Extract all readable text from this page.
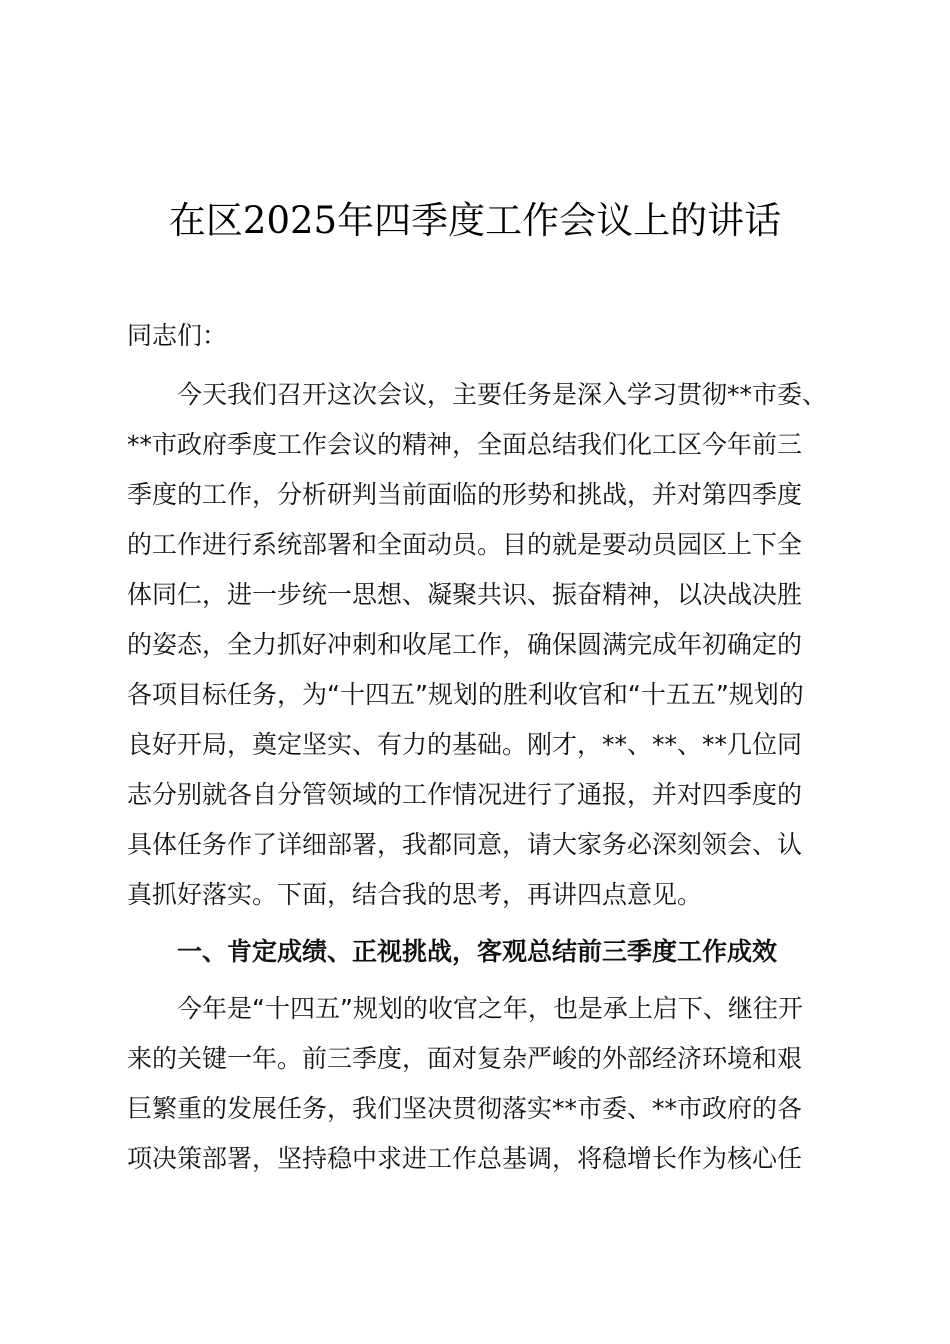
在区2025年四季度工作会议上的讲话
同志们：
今天我们召开这次会议，主要任务是深入学习贯彻**市委、
**市政府季度工作会议的精神，全面总结我们化工区今年前三
季度的工作，分析研判当前面临的形势和挑战，并对第四季度
的工作进行系统部署和全面动员。目的就是要动员园区上下全
体同仁，进一步统一思想、凝聚共识、振奋精神，以决战决胜
的姿态，全力抓好冲刺和收尾工作，确保圆满完成年初确定的
各项目标任务，为“十四五”规划的胜利收官和“十五五”规划的
良好开局，奠定坚实、有力的基础。刚才，**、**、**几位同
志分别就各自分管领域的工作情况进行了通报，并对四季度的
具体任务作了详细部署，我都同意，请大家务必深刻领会、认
真抓好落实。下面，结合我的思考，再讲四点意见。
一、肯定成绩、正视挑战，客观总结前三季度工作成效
今年是“十四五”规划的收官之年，也是承上启下、继往开
来的关键一年。前三季度，面对复杂严峻的外部经济环境和艰
巨繁重的发展任务，我们坚决贯彻落实**市委、**市政府的各
项决策部署，坚持稳中求进工作总基调，将稳增长作为核心任
